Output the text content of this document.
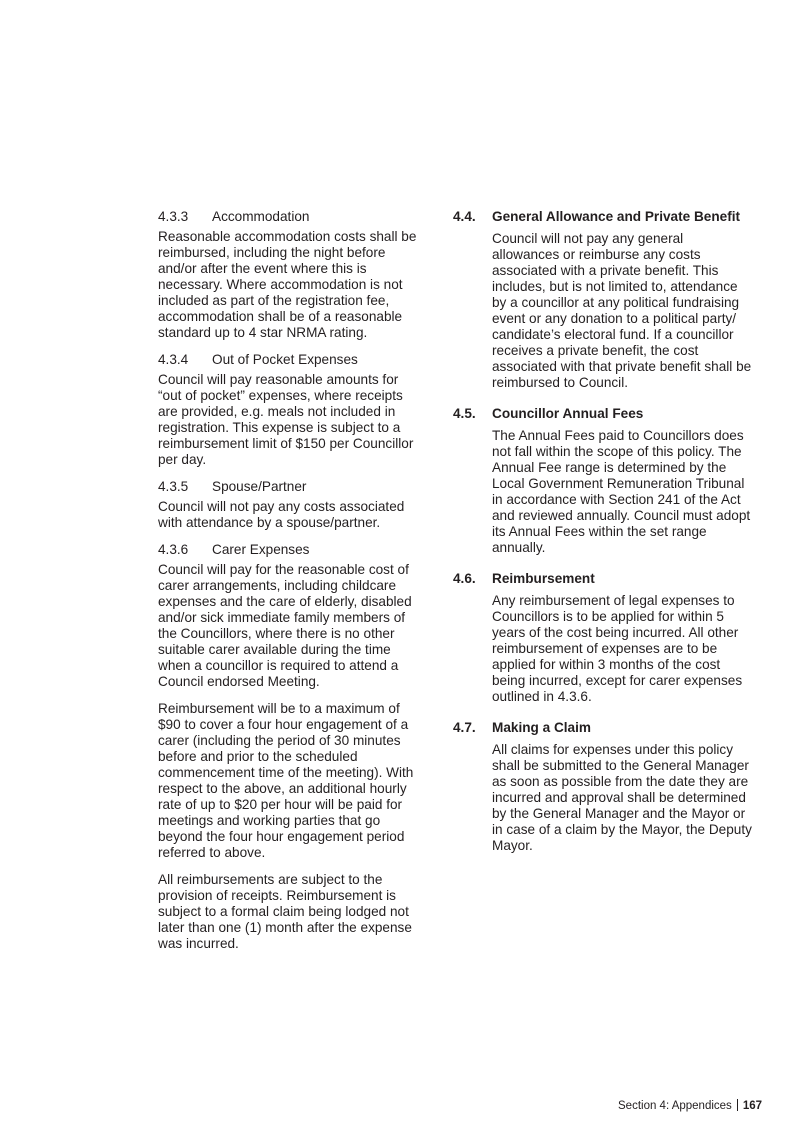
4.3.3	Accommodation

Reasonable accommodation costs shall be reimbursed, including the night before and/or after the event where this is necessary. Where accommodation is not included as part of the registration fee, accommodation shall be of a reasonable standard up to 4 star NRMA rating.

4.3.4	Out of Pocket Expenses

Council will pay reasonable amounts for “out of pocket” expenses, where receipts are provided, e.g. meals not included in registration. This expense is subject to a reimbursement limit of $150 per Councillor per day.

4.3.5	Spouse/Partner

Council will not pay any costs associated with attendance by a spouse/partner.

4.3.6	Carer Expenses

Council will pay for the reasonable cost of carer arrangements, including childcare expenses and the care of elderly, disabled and/or sick immediate family members of the Councillors, where there is no other suitable carer available during the time when a councillor is required to attend a Council endorsed Meeting.

Reimbursement will be to a maximum of $90 to cover a four hour engagement of a carer (including the period of 30 minutes before and prior to the scheduled commencement time of the meeting). With respect to the above, an additional hourly rate of up to $20 per hour will be paid for meetings and working parties that go beyond the four hour engagement period referred to above.

All reimbursements are subject to the provision of receipts. Reimbursement is subject to a formal claim being lodged not later than one (1) month after the expense was incurred.

4.4.	General Allowance and Private Benefit

Council will not pay any general allowances or reimburse any costs associated with a private benefit. This includes, but is not limited to, attendance by a councillor at any political fundraising event or any donation to a political party/ candidate’s electoral fund. If a councillor receives a private benefit, the cost associated with that private benefit shall be reimbursed to Council.

4.5.	Councillor Annual Fees

The Annual Fees paid to Councillors does not fall within the scope of this policy. The Annual Fee range is determined by the Local Government Remuneration Tribunal in accordance with Section 241 of the Act and reviewed annually. Council must adopt its Annual Fees within the set range annually.

4.6.	Reimbursement

Any reimbursement of legal expenses to Councillors is to be applied for within 5 years of the cost being incurred. All other reimbursement of expenses are to be applied for within 3 months of the cost being incurred, except for carer expenses outlined in 4.3.6.

4.7.	Making a Claim

All claims for expenses under this policy shall be submitted to the General Manager as soon as possible from the date they are incurred and approval shall be determined by the General Manager and the Mayor or in case of a claim by the Mayor, the Deputy Mayor.

Section 4: Appendices 167
